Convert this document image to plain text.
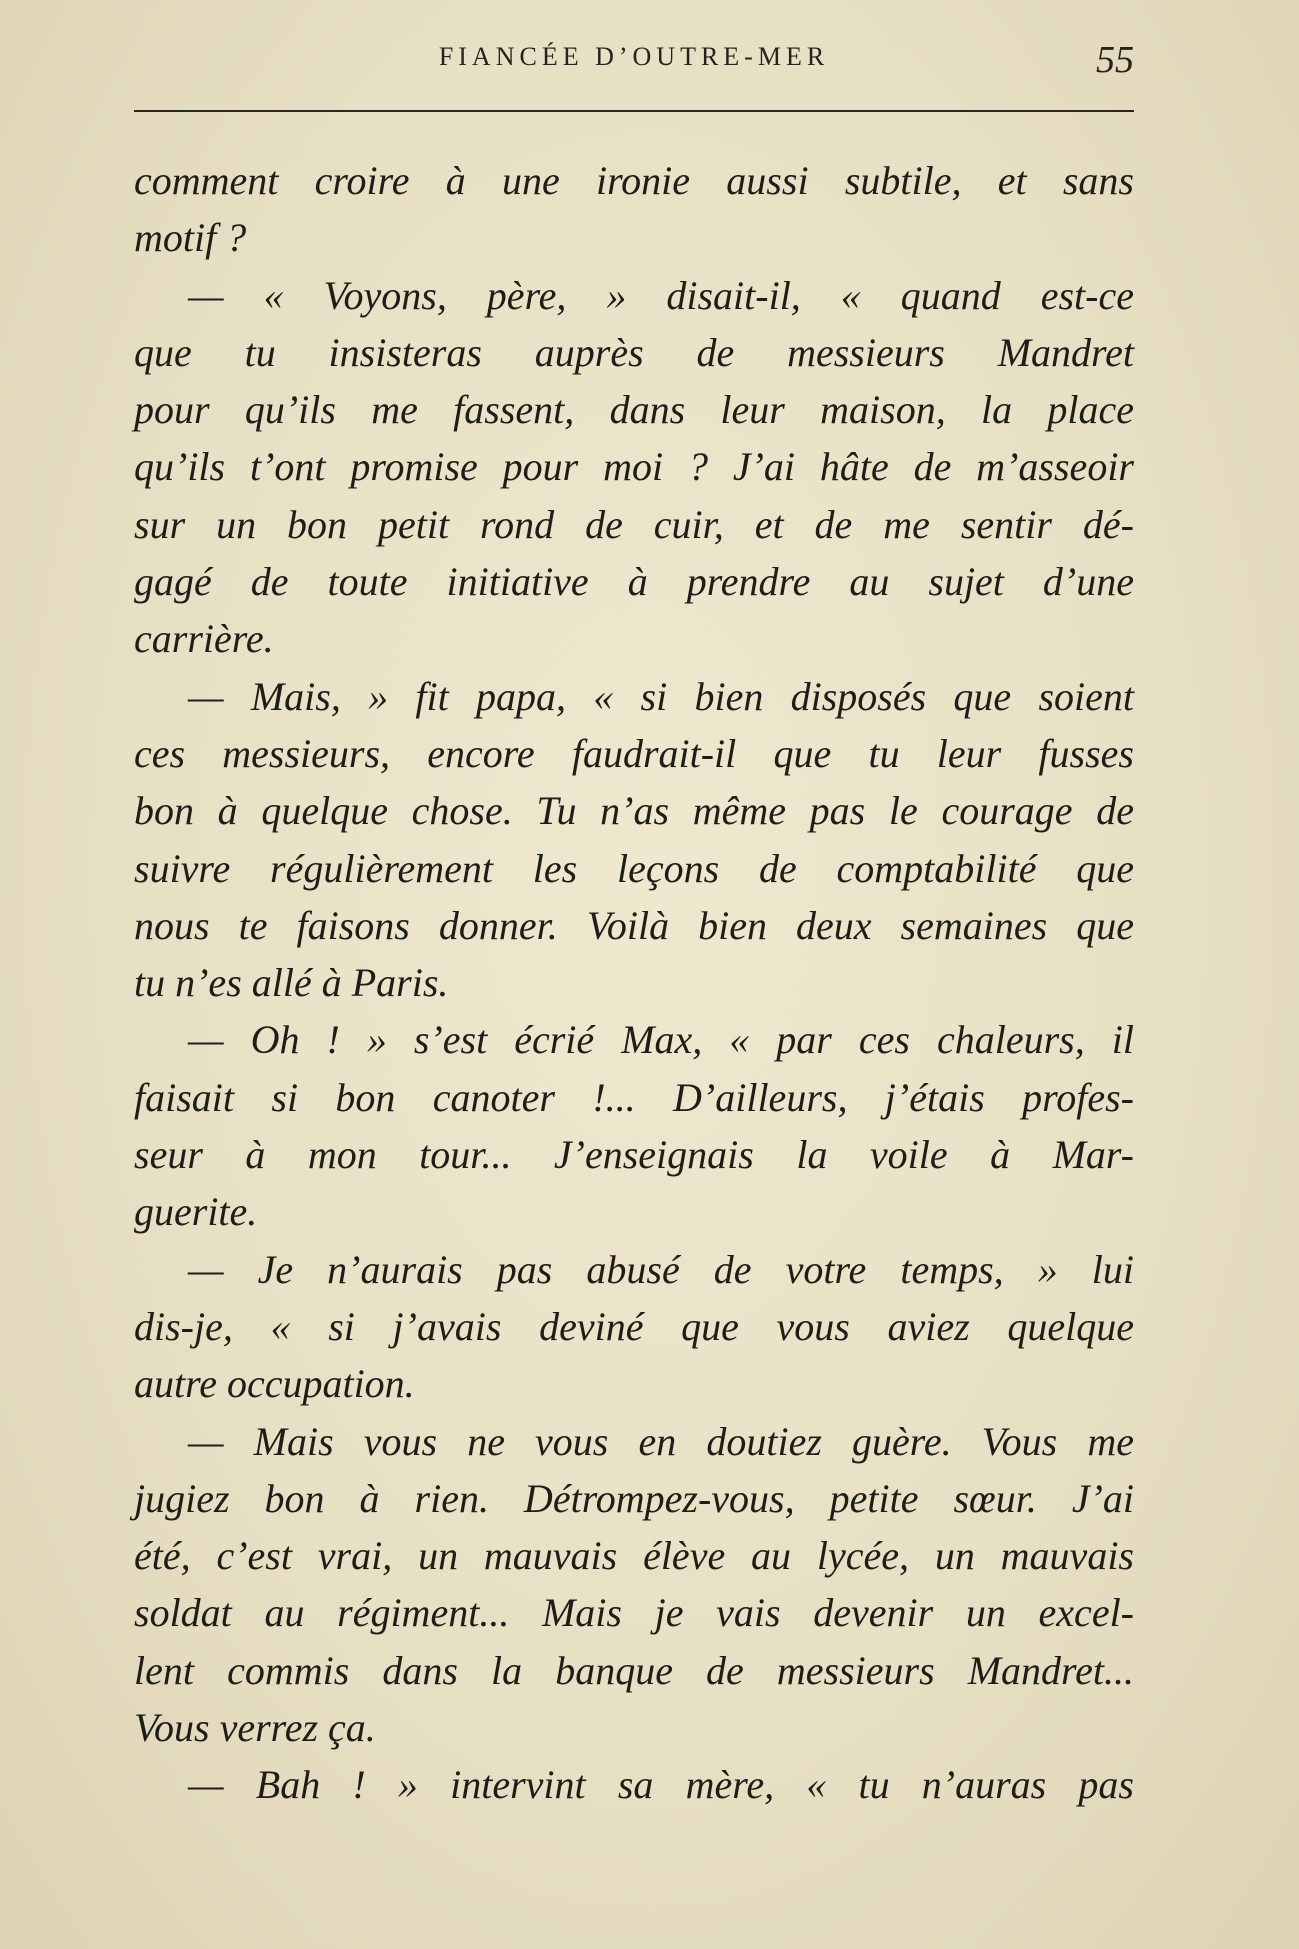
FIANCÉE D’OUTRE-MER	55
comment croire à une ironie aussi subtile, et sans
motif ?
— « Voyons, père, » disait-il, « quand est-ce
que tu insisteras auprès de messieurs Mandret
pour qu’ils me fassent, dans leur maison, la place
qu’ils t’ont promise pour moi ? J’ai hâte de m’asseoir
sur un bon petit rond de cuir, et de me sentir dé-
gagé de toute initiative à prendre au sujet d’une
carrière.
— Mais, » fit papa, « si bien disposés que soient
ces messieurs, encore faudrait-il que tu leur fusses
bon à quelque chose. Tu n’as même pas le courage de
suivre régulièrement les leçons de comptabilité que
nous te faisons donner. Voilà bien deux semaines que
tu n’es allé à Paris.
— Oh ! » s’est écrié Max, « par ces chaleurs, il
faisait si bon canoter !... D’ailleurs, j’étais profes-
seur à mon tour... J’enseignais la voile à Mar-
guerite.
— Je n’aurais pas abusé de votre temps, » lui
dis-je, « si j’avais deviné que vous aviez quelque
autre occupation.
— Mais vous ne vous en doutiez guère. Vous me
jugiez bon à rien. Détrompez-vous, petite sœur. J’ai
été, c’est vrai, un mauvais élève au lycée, un mauvais
soldat au régiment... Mais je vais devenir un excel-
lent commis dans la banque de messieurs Mandret...
Vous verrez ça.
— Bah ! » intervint sa mère, « tu n’auras pas
